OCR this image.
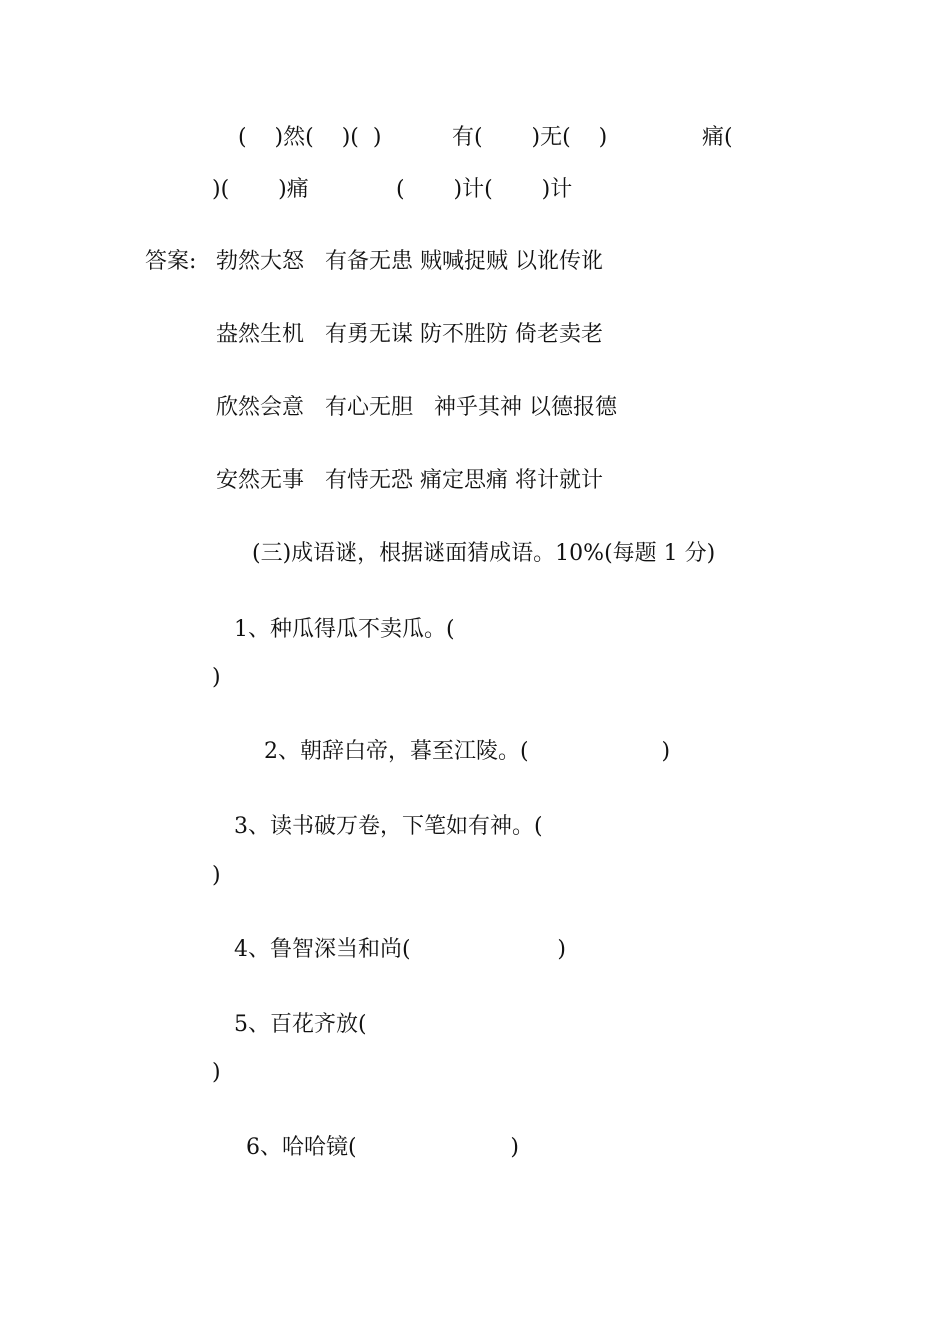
(    )然(    )(  )	有(       )无(    )	痛(
)(       )痛	(       )计(       )计
答案: 勃然大怒   有备无患 贼喊捉贼 以讹传讹
盎然生机   有勇无谋 防不胜防 倚老卖老
欣然会意   有心无胆   神乎其神 以德报德
安然无事   有恃无恐 痛定思痛 将计就计
(三)成语谜，根据谜面猜成语。10%(每题 1 分)
1、种瓜得瓜不卖瓜。(
)
2、朝辞白帝，暮至江陵。(                   )
3、读书破万卷，下笔如有神。(
)
4、鲁智深当和尚(                     )
5、百花齐放(
)
6、哈哈镜(                      )
